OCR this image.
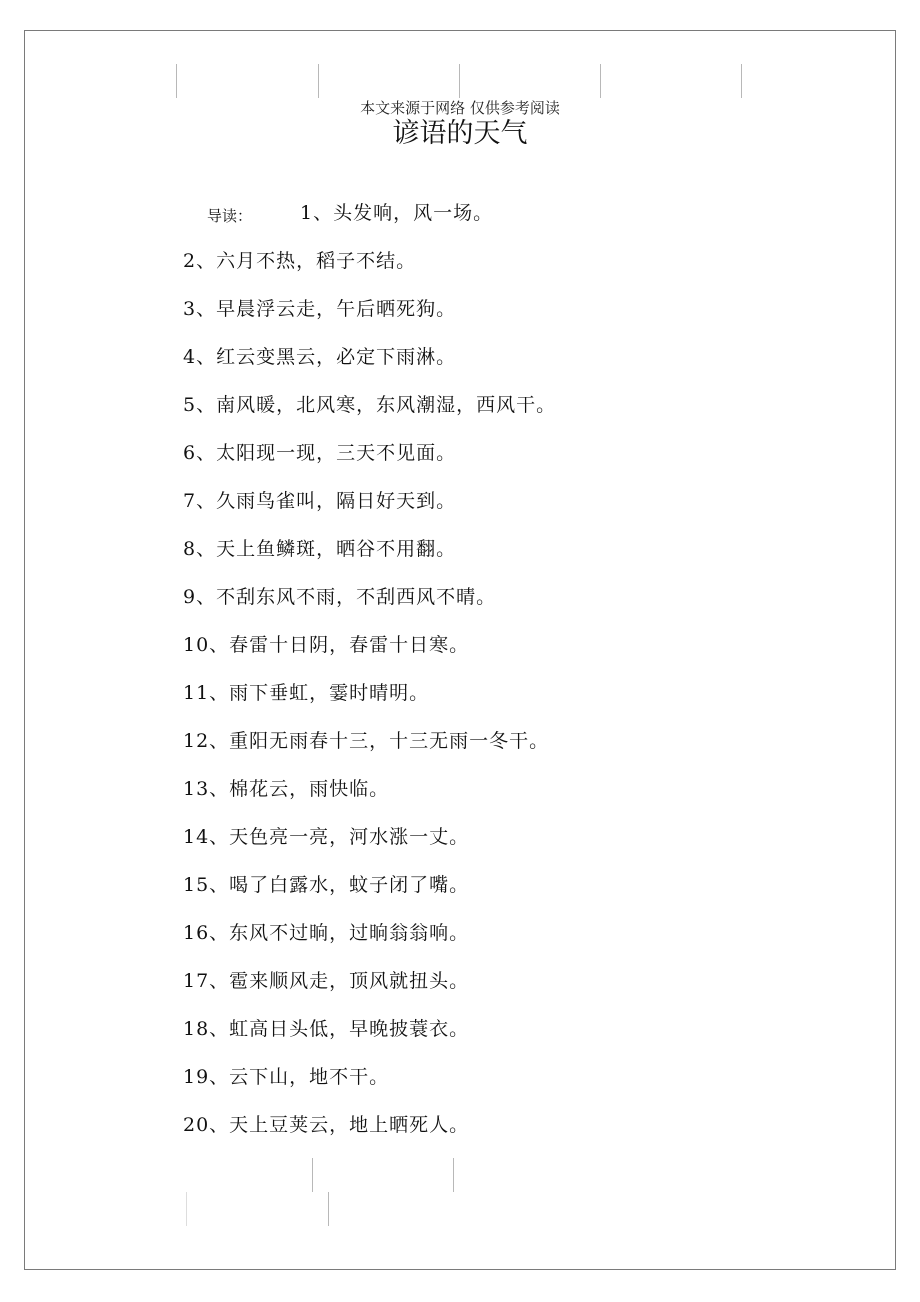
本文来源于网络 仅供参考阅读
谚语的天气
导读：	1、头发响，风一场。
2、六月不热，稻子不结。
3、早晨浮云走，午后晒死狗。
4、红云变黑云，必定下雨淋。
5、南风暖，北风寒，东风潮湿，西风干。
6、太阳现一现，三天不见面。
7、久雨鸟雀叫，隔日好天到。
8、天上鱼鳞斑，晒谷不用翻。
9、不刮东风不雨，不刮西风不晴。
10、春雷十日阴，春雷十日寒。
11、雨下垂虹，霎时晴明。
12、重阳无雨春十三，十三无雨一冬干。
13、棉花云，雨快临。
14、天色亮一亮，河水涨一丈。
15、喝了白露水，蚊子闭了嘴。
16、东风不过晌，过晌翁翁响。
17、雹来顺风走，顶风就扭头。
18、虹高日头低，早晚披蓑衣。
19、云下山，地不干。
20、天上豆荚云，地上晒死人。
